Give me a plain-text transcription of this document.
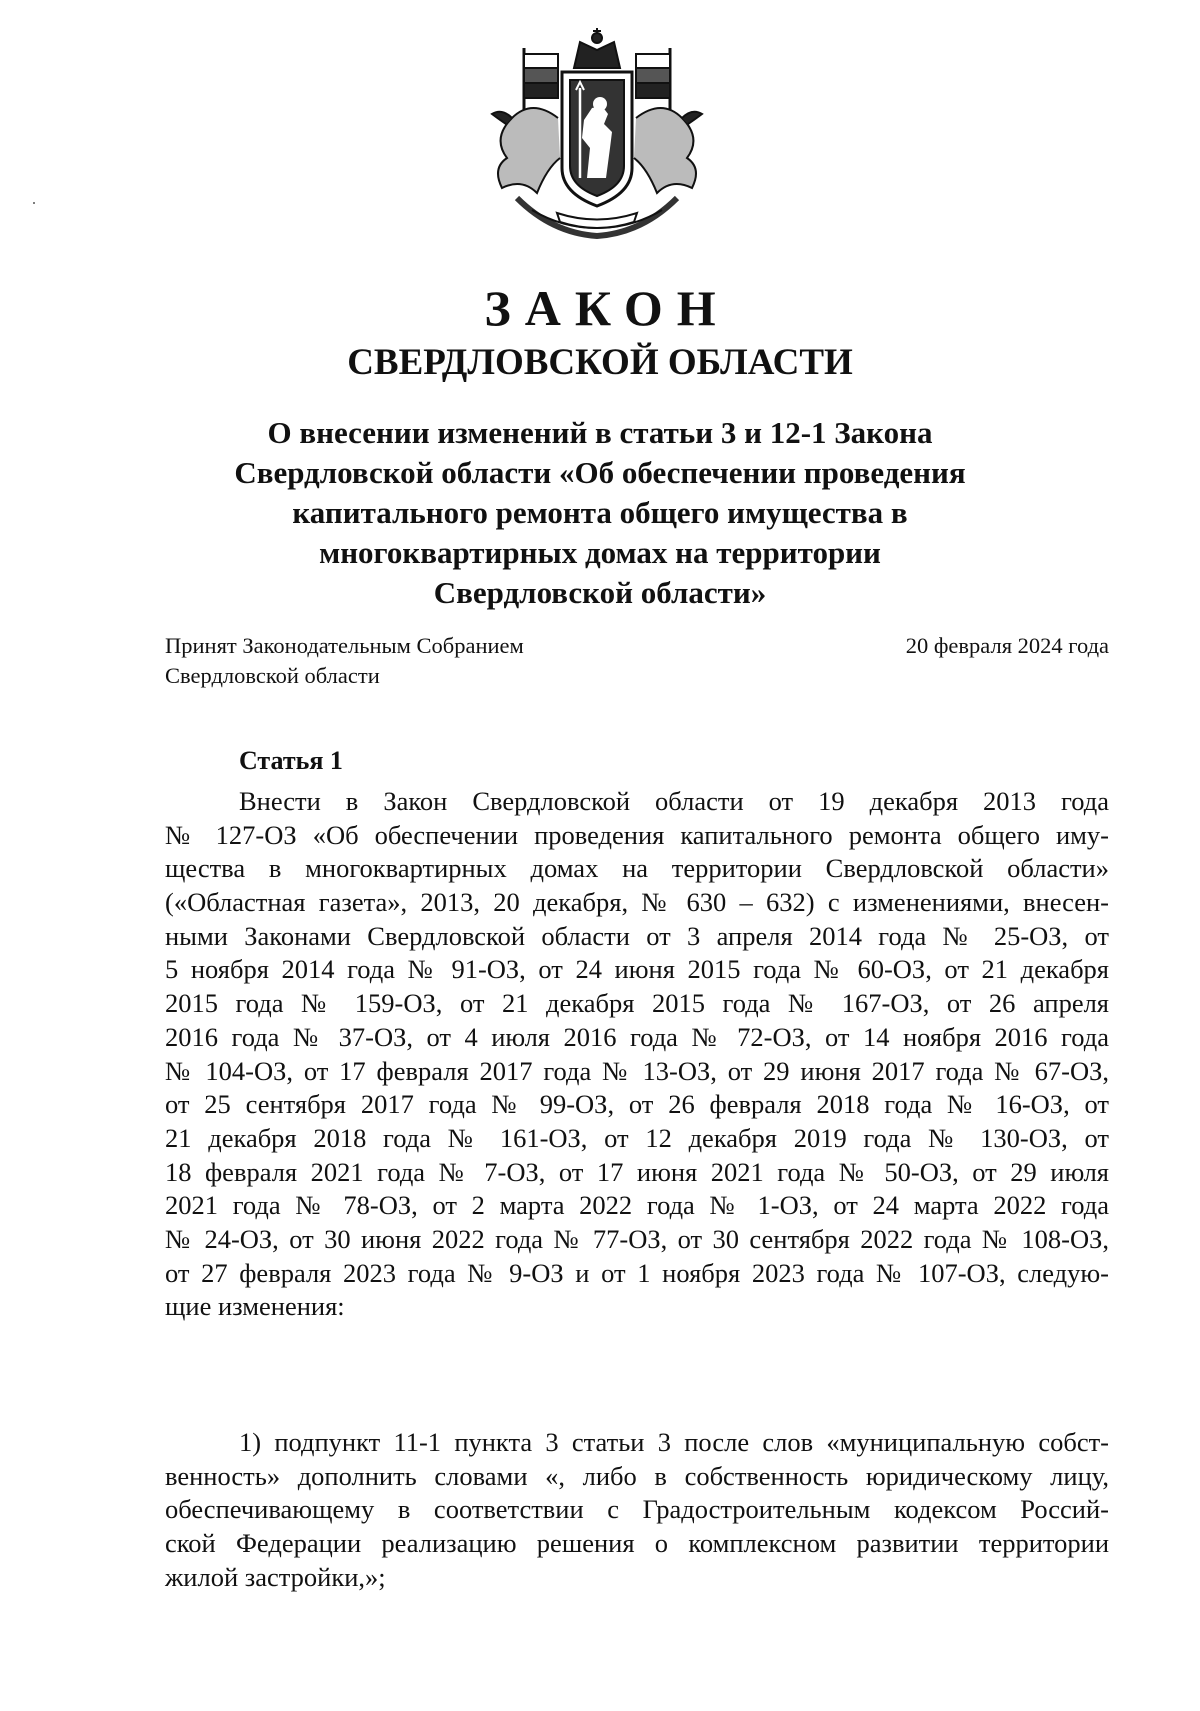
ЗАКОН
СВЕРДЛОВСКОЙ ОБЛАСТИ
О внесении изменений в статьи 3 и 12-1 Закона
Свердловской области «Об обеспечении проведения
капитального ремонта общего имущества в
многоквартирных домах на территории
Свердловской области»
Принят Законодательным Собранием
Свердловской области
20 февраля 2024 года
Статья 1
Внести в Закон Свердловской области от 19 декабря 2013 года
№ 127-ОЗ «Об обеспечении проведения капитального ремонта общего иму-
щества в многоквартирных домах на территории Свердловской области»
(«Областная газета», 2013, 20 декабря, № 630 – 632) с изменениями, внесен-
ными Законами Свердловской области от 3 апреля 2014 года № 25-ОЗ, от
5 ноября 2014 года № 91-ОЗ, от 24 июня 2015 года № 60-ОЗ, от 21 декабря
2015 года № 159-ОЗ, от 21 декабря 2015 года № 167-ОЗ, от 26 апреля
2016 года № 37-ОЗ, от 4 июля 2016 года № 72-ОЗ, от 14 ноября 2016 года
№ 104-ОЗ, от 17 февраля 2017 года № 13-ОЗ, от 29 июня 2017 года № 67-ОЗ,
от 25 сентября 2017 года № 99-ОЗ, от 26 февраля 2018 года № 16-ОЗ, от
21 декабря 2018 года № 161-ОЗ, от 12 декабря 2019 года № 130-ОЗ, от
18 февраля 2021 года № 7-ОЗ, от 17 июня 2021 года № 50-ОЗ, от 29 июля
2021 года № 78-ОЗ, от 2 марта 2022 года № 1-ОЗ, от 24 марта 2022 года
№ 24-ОЗ, от 30 июня 2022 года № 77-ОЗ, от 30 сентября 2022 года № 108-ОЗ,
от 27 февраля 2023 года № 9-ОЗ и от 1 ноября 2023 года № 107-ОЗ, следую-
щие изменения:
1) подпункт 11-1 пункта 3 статьи 3 после слов «муниципальную собст-
венность» дополнить словами «, либо в собственность юридическому лицу,
обеспечивающему в соответствии с Градостроительным кодексом Россий-
ской Федерации реализацию решения о комплексном развитии территории
жилой застройки,»;
